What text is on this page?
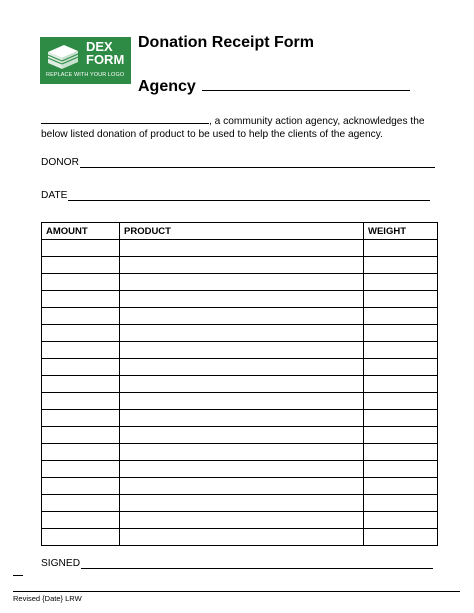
DEX
FORM
REPLACE WITH YOUR LOGO
Donation Receipt Form
Agency
, a community action agency, acknowledges the below listed donation of product to be used to help the clients of the agency.
DONOR
DATE
AMOUNT	PRODUCT	WEIGHT

SIGNED
Revised {Date} LRW
